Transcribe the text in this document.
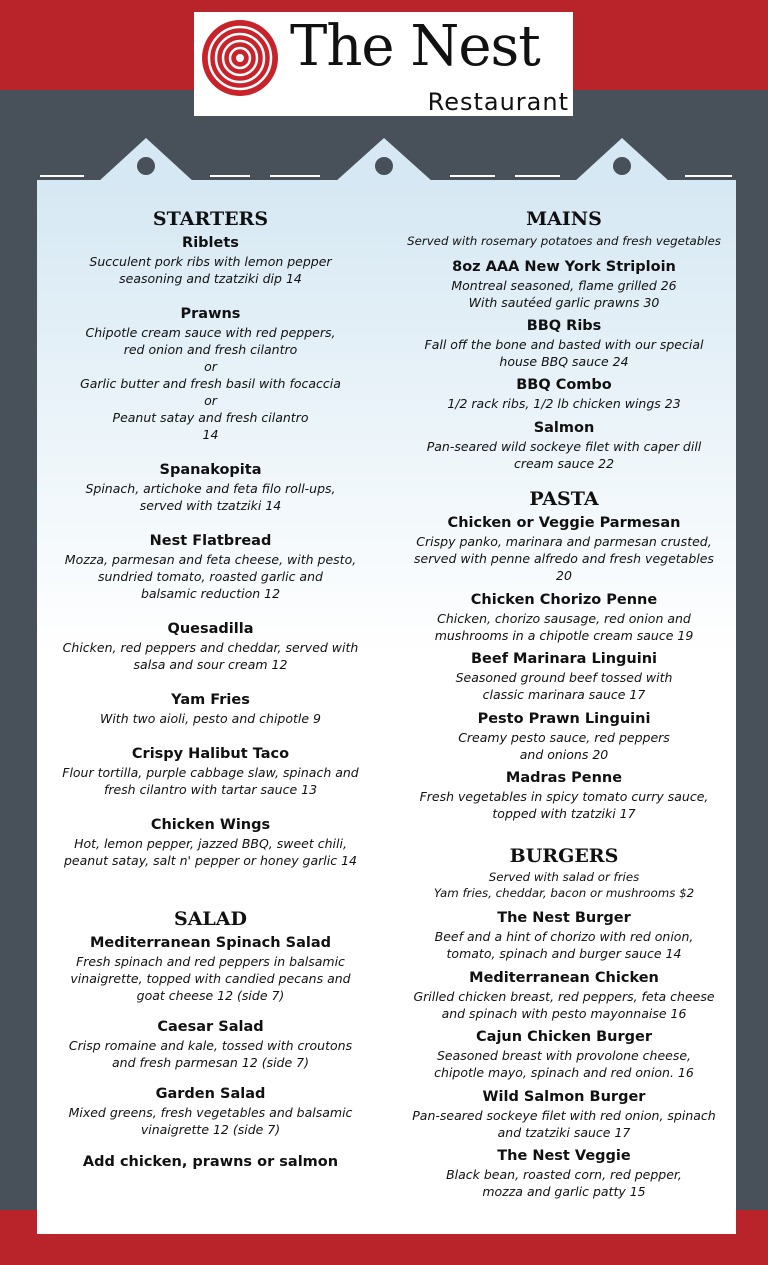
The Nest
Restaurant
STARTERS
Riblets
Succulent pork ribs with lemon pepper
seasoning and tzatziki dip 14
Prawns
Chipotle cream sauce with red peppers,
red onion and fresh cilantro
or
Garlic butter and fresh basil with focaccia
or
Peanut satay and fresh cilantro
14
Spanakopita
Spinach, artichoke and feta filo roll-ups,
served with tzatziki 14
Nest Flatbread
Mozza, parmesan and feta cheese, with pesto,
sundried tomato, roasted garlic and
balsamic reduction 12
Quesadilla
Chicken, red peppers and cheddar, served with
salsa and sour cream 12
Yam Fries
With two aioli, pesto and chipotle 9
Crispy Halibut Taco
Flour tortilla, purple cabbage slaw, spinach and
fresh cilantro with tartar sauce 13
Chicken Wings
Hot, lemon pepper, jazzed BBQ, sweet chili,
peanut satay, salt n' pepper or honey garlic 14
SALAD
Mediterranean Spinach Salad
Fresh spinach and red peppers in balsamic
vinaigrette, topped with candied pecans and
goat cheese 12 (side 7)
Caesar Salad
Crisp romaine and kale, tossed with croutons
and fresh parmesan 12 (side 7)
Garden Salad
Mixed greens, fresh vegetables and balsamic
vinaigrette 12 (side 7)
Add chicken, prawns or salmon
MAINS
Served with rosemary potatoes and fresh vegetables
8oz AAA New York Striploin
Montreal seasoned, flame grilled 26
With sautéed garlic prawns 30
BBQ Ribs
Fall off the bone and basted with our special
house BBQ sauce 24
BBQ Combo
1/2 rack ribs, 1/2 lb chicken wings 23
Salmon
Pan-seared wild sockeye filet with caper dill
cream sauce 22
PASTA
Chicken or Veggie Parmesan
Crispy panko, marinara and parmesan crusted,
served with penne alfredo and fresh vegetables
20
Chicken Chorizo Penne
Chicken, chorizo sausage, red onion and
mushrooms in a chipotle cream sauce 19
Beef Marinara Linguini
Seasoned ground beef tossed with
classic marinara sauce 17
Pesto Prawn Linguini
Creamy pesto sauce, red peppers
and onions 20
Madras Penne
Fresh vegetables in spicy tomato curry sauce,
topped with tzatziki 17
BURGERS
Served with salad or fries
Yam fries, cheddar, bacon or mushrooms $2
The Nest Burger
Beef and a hint of chorizo with red onion,
tomato, spinach and burger sauce 14
Mediterranean Chicken
Grilled chicken breast, red peppers, feta cheese
and spinach with pesto mayonnaise 16
Cajun Chicken Burger
Seasoned breast with provolone cheese,
chipotle mayo, spinach and red onion. 16
Wild Salmon Burger
Pan-seared sockeye filet with red onion, spinach
and tzatziki sauce 17
The Nest Veggie
Black bean, roasted corn, red pepper,
mozza and garlic patty 15
